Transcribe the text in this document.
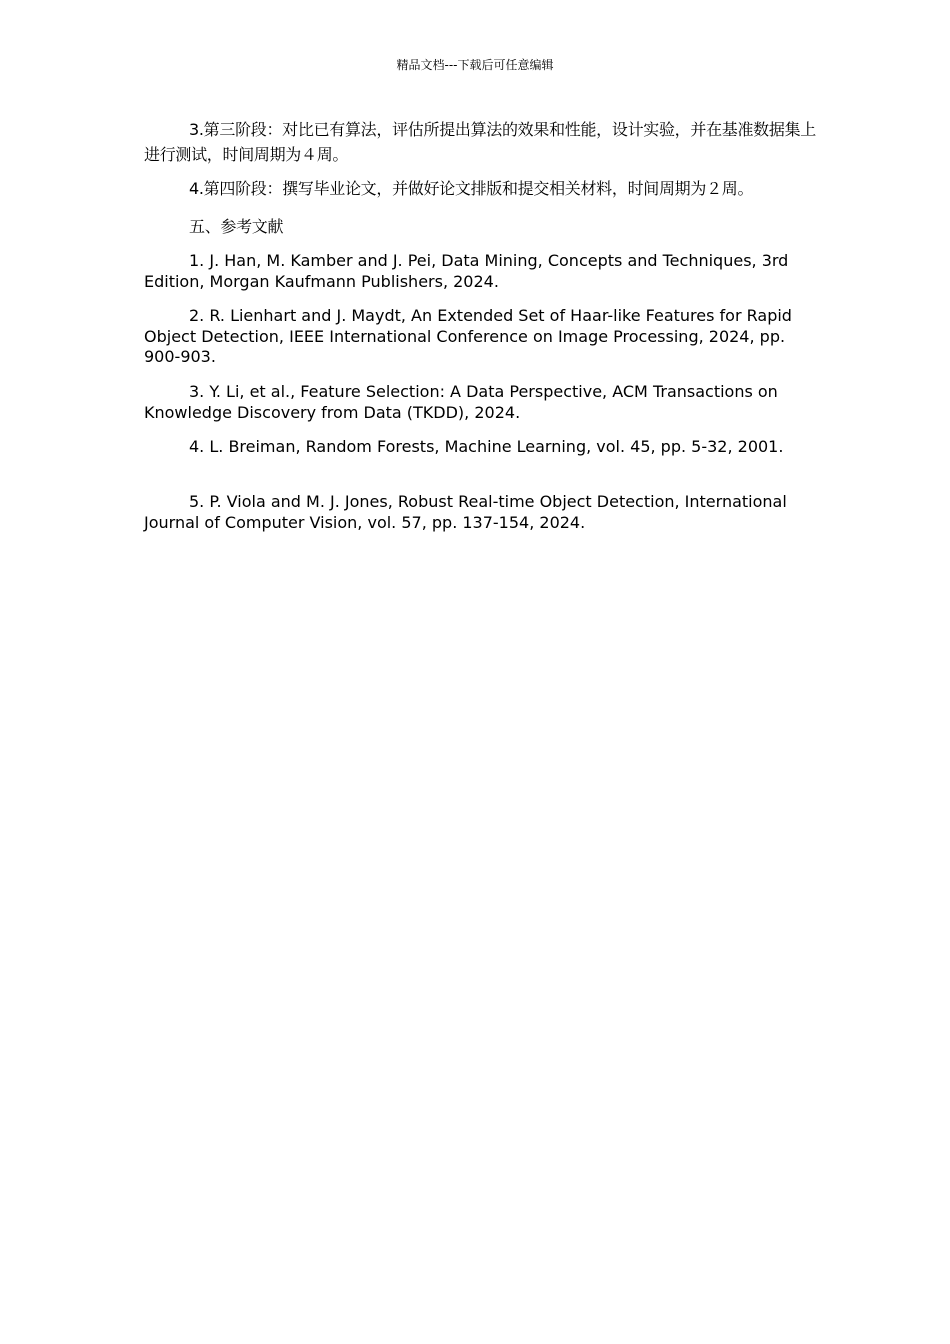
精品文档---下载后可任意编辑

3.第三阶段：对比已有算法，评估所提出算法的效果和性能，设计实验，并在基准数据集上进行测试，时间周期为４周。

4.第四阶段：撰写毕业论文，并做好论文排版和提交相关材料，时间周期为２周。

五、参考文献

1. J. Han, M. Kamber and J. Pei, Data Mining, Concepts and Techniques, 3rd Edition, Morgan Kaufmann Publishers, 2024.

2. R. Lienhart and J. Maydt, An Extended Set of Haar-like Features for Rapid Object Detection, IEEE International Conference on Image Processing, 2024, pp. 900-903.

3. Y. Li, et al., Feature Selection: A Data Perspective, ACM Transactions on Knowledge Discovery from Data (TKDD), 2024.

4. L. Breiman, Random Forests, Machine Learning, vol. 45, pp. 5-32, 2001.

5. P. Viola and M. J. Jones, Robust Real-time Object Detection, International Journal of Computer Vision, vol. 57, pp. 137-154, 2024.
